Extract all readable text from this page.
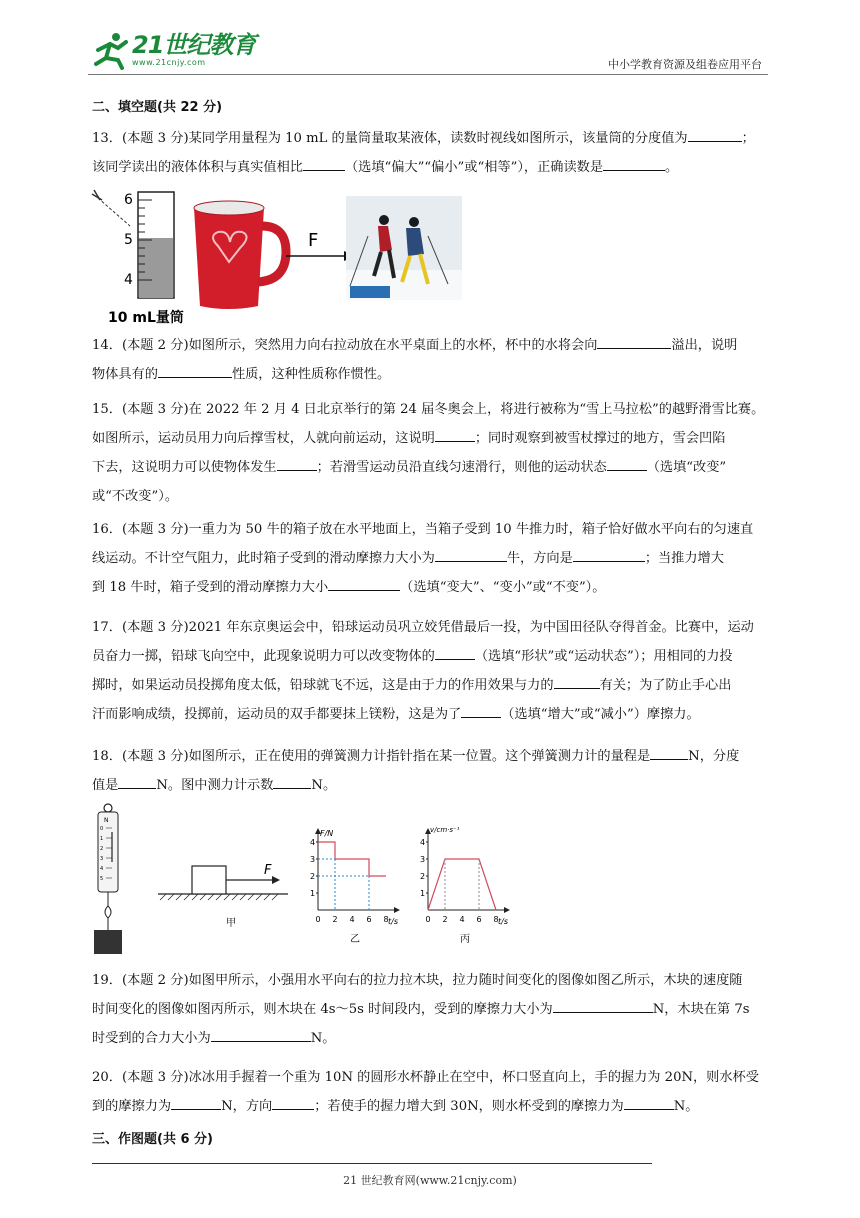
21世纪教育
www.21cnjy.com	中小学教育资源及组卷应用平台
二、填空题(共 22 分)
13．(本题 3 分)某同学用量程为 10 mL 的量筒量取某液体，读数时视线如图所示，该量筒的分度值为	；
该同学读出的液体体积与真实值相比	（选填“偏大”“偏小”或“相等”），正确读数是	。
6
5
4
10 mL量筒
F
14．(本题 2 分)如图所示，突然用力向右拉动放在水平桌面上的水杯，杯中的水将会向	溢出，说明
物体具有的	性质，这种性质称作惯性。
15．(本题 3 分)在 2022 年 2 月 4 日北京举行的第 24 届冬奥会上，将进行被称为“雪上马拉松”的越野滑雪比赛。
如图所示，运动员用力向后撑雪杖，人就向前运动，这说明	；同时观察到被雪杖撑过的地方，雪会凹陷
下去，这说明力可以使物体发生	；若滑雪运动员沿直线匀速滑行，则他的运动状态	（选填“改变”
或“不改变”）。
16．(本题 3 分)一重力为 50 牛的箱子放在水平地面上，当箱子受到 10 牛推力时，箱子恰好做水平向右的匀速直
线运动。不计空气阻力，此时箱子受到的滑动摩擦力大小为	牛，方向是	；当推力增大
到 18 牛时，箱子受到的滑动摩擦力大小	（选填“变大”、“变小”或“不变”）。
17．(本题 3 分)2021 年东京奥运会中，铅球运动员巩立姣凭借最后一投，为中国田径队夺得首金。比赛中，运动
员奋力一掷，铅球飞向空中，此现象说明力可以改变物体的	（选填“形状”或“运动状态”）；用相同的力投
掷时，如果运动员投掷角度太低，铅球就飞不远，这是由于力的作用效果与力的	有关；为了防止手心出
汗而影响成绩，投掷前，运动员的双手都要抹上镁粉，这是为了	（选填“增大”或“减小”）摩擦力。
18．(本题 3 分)如图所示，正在使用的弹簧测力计指针指在某一位置。这个弹簧测力计的量程是	N，分度
值是	N。图中测力计示数	N。
N
0
1
2
3
4
5
F
甲
F/N
t/s
1
2
3
4
0 2 4 6 8
乙
v/cm·s⁻¹
t/s
1
2
3
4
0 2 4 6 8
丙
19．(本题 2 分)如图甲所示，小强用水平向右的拉力拉木块，拉力随时间变化的图像如图乙所示，木块的速度随
时间变化的图像如图丙所示，则木块在 4s～5s 时间段内，受到的摩擦力大小为	N，木块在第 7s
时受到的合力大小为	N。
20．(本题 3 分)冰冰用手握着一个重为 10N 的圆形水杯静止在空中，杯口竖直向上，手的握力为 20N，则水杯受
到的摩擦力为	N，方向	；若使手的握力增大到 30N，则水杯受到的摩擦力为	N。
三、作图题(共 6 分)
21 世纪教育网(www.21cnjy.com)
